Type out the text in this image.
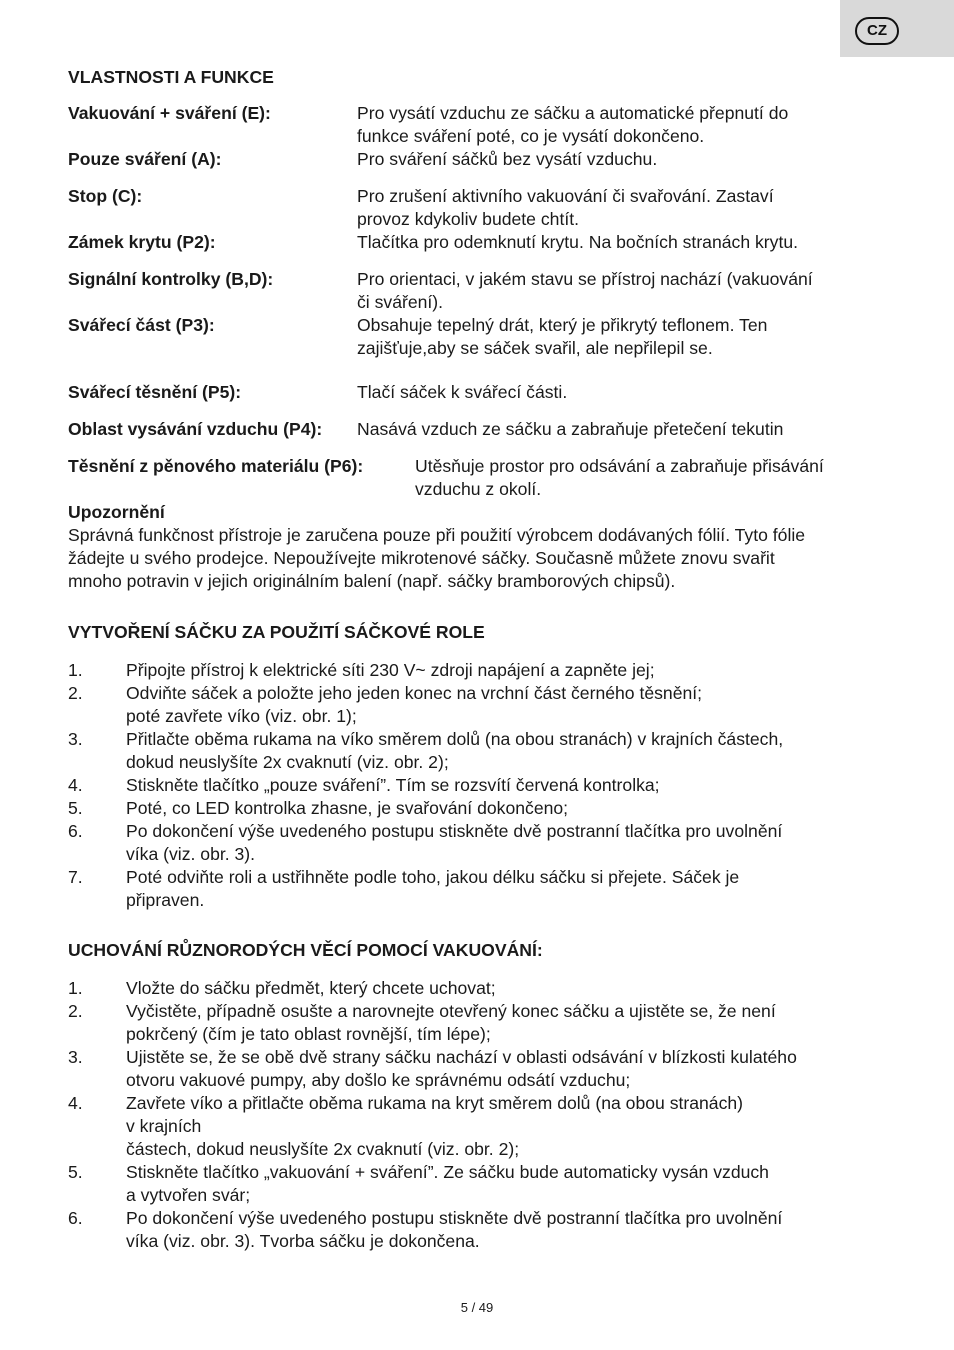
CZ
VLASTNOSTI A FUNKCE
Vakuování + sváření (E):	Pro vysátí vzduchu ze sáčku a automatické přepnutí do
funkce sváření poté, co je vysátí dokončeno.
Pouze sváření (A):	Pro sváření sáčků bez vysátí vzduchu.
Stop (C):	Pro zrušení aktivního vakuování či svařování. Zastaví
provoz kdykoliv budete chtít.
Zámek krytu (P2):	Tlačítka pro odemknutí krytu. Na bočních stranách krytu.
Signální kontrolky (B,D):	Pro orientaci, v jakém stavu se přístroj nachází (vakuování
či sváření).
Svářecí část (P3):	Obsahuje tepelný drát, který je přikrytý teflonem. Ten
zajišťuje,aby se sáček svařil, ale nepřilepil se.
Svářecí těsnění (P5):	Tlačí sáček k svářecí části.
Oblast vysávání vzduchu (P4):	Nasává vzduch ze sáčku a zabraňuje přetečení tekutin
Těsnění z pěnového materiálu (P6):	Utěsňuje prostor pro odsávání a zabraňuje přisávání
vzduchu z okolí.
Upozornění
Správná funkčnost přístroje je zaručena pouze při použití výrobcem dodávaných fólií. Tyto fólie
žádejte u svého prodejce. Nepoužívejte mikrotenové sáčky. Současně můžete znovu svařit
mnoho potravin v jejich originálním balení (např. sáčky bramborových chipsů).
VYTVOŘENÍ SÁČKU ZA POUŽITÍ SÁČKOVÉ ROLE
1.	Připojte přístroj k elektrické síti 230 V~ zdroji napájení a zapněte jej;
2.	Odviňte sáček a položte jeho jeden konec na vrchní část černého těsnění;
poté zavřete víko (viz. obr. 1);
3.	Přitlačte oběma rukama na víko směrem dolů (na obou stranách) v krajních částech,
dokud neuslyšíte 2x cvaknutí (viz. obr. 2);
4.	Stiskněte tlačítko „pouze sváření”. Tím se rozsvítí červená kontrolka;
5.	Poté, co LED kontrolka zhasne, je svařování dokončeno;
6.	Po dokončení výše uvedeného postupu stiskněte dvě postranní tlačítka pro uvolnění
víka (viz. obr. 3).
7.	Poté odviňte roli a ustřihněte podle toho, jakou délku sáčku si přejete. Sáček je
připraven.
UCHOVÁNÍ RŮZNORODÝCH VĚCÍ POMOCÍ VAKUOVÁNÍ:
1.	Vložte do sáčku předmět, který chcete uchovat;
2.	Vyčistěte, případně osušte a narovnejte otevřený konec sáčku a ujistěte se, že není
pokrčený (čím je tato oblast rovnější, tím lépe);
3.	Ujistěte se, že se obě dvě strany sáčku nachází v oblasti odsávání v blízkosti kulatého
otvoru vakuové pumpy, aby došlo ke správnému odsátí vzduchu;
4.	Zavřete víko a přitlačte oběma rukama na kryt směrem dolů (na obou stranách)
v krajních
částech, dokud neuslyšíte 2x cvaknutí (viz. obr. 2);
5.	Stiskněte tlačítko „vakuování + sváření”. Ze sáčku bude automaticky vysán vzduch
a vytvořen svár;
6.	Po dokončení výše uvedeného postupu stiskněte dvě postranní tlačítka pro uvolnění
víka (viz. obr. 3). Tvorba sáčku je dokončena.
5 / 49
